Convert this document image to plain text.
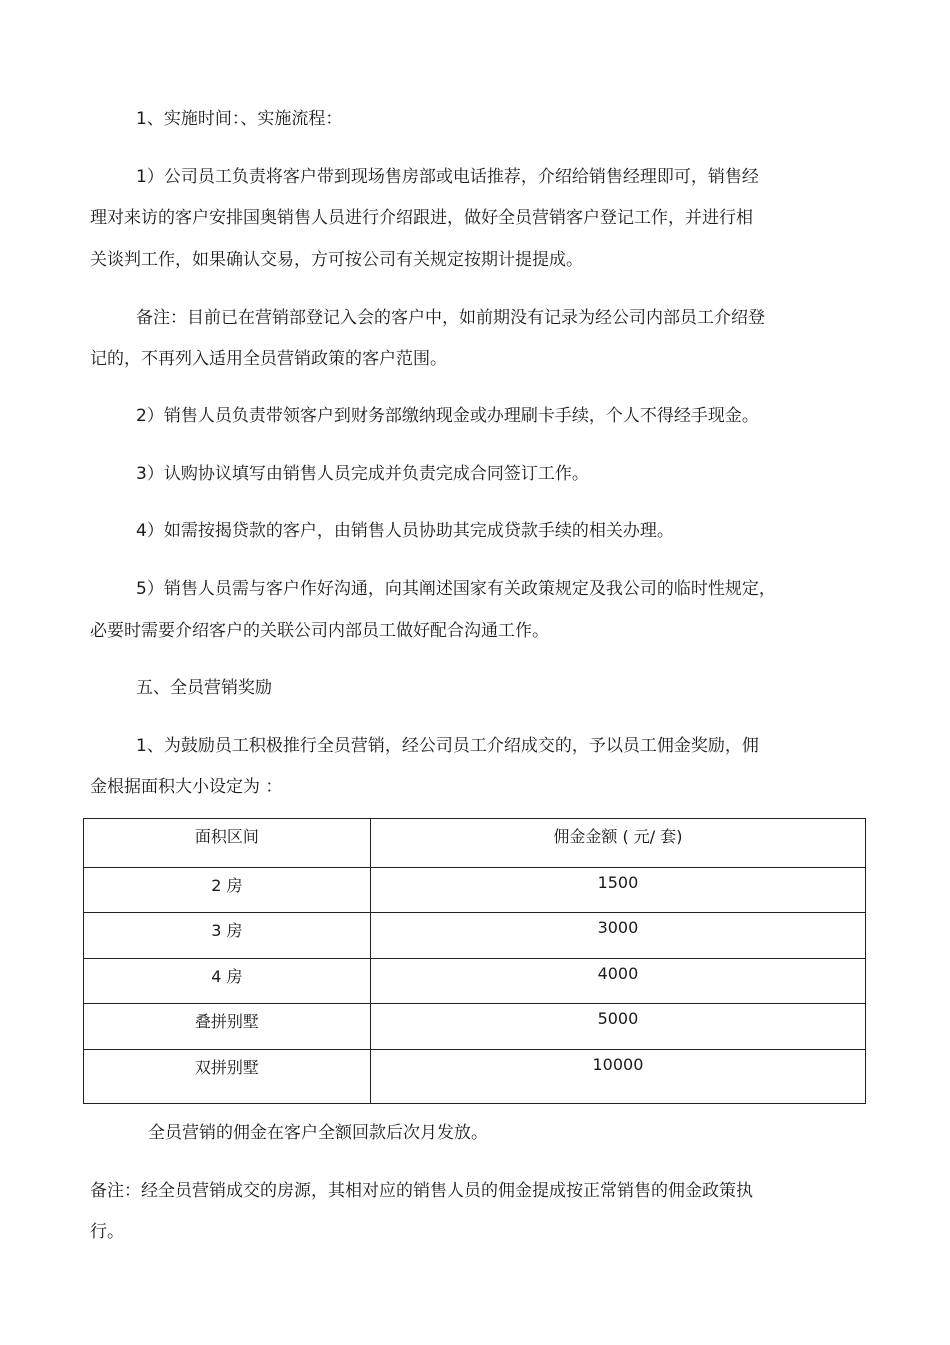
1、实施时间：、实施流程：

1）公司员工负责将客户带到现场售房部或电话推荐，介绍给销售经理即可，销售经

理对来访的客户安排国奥销售人员进行介绍跟进，做好全员营销客户登记工作，并进行相

关谈判工作，如果确认交易，方可按公司有关规定按期计提提成。

备注：目前已在营销部登记入会的客户中，如前期没有记录为经公司内部员工介绍登

记的，不再列入适用全员营销政策的客户范围。

2）销售人员负责带领客户到财务部缴纳现金或办理刷卡手续，个人不得经手现金。

3）认购协议填写由销售人员完成并负责完成合同签订工作。

4）如需按揭贷款的客户，由销售人员协助其完成贷款手续的相关办理。

5）销售人员需与客户作好沟通，向其阐述国家有关政策规定及我公司的临时性规定，

必要时需要介绍客户的关联公司内部员工做好配合沟通工作。

五、全员营销奖励

1、为鼓励员工积极推行全员营销，经公司员工介绍成交的，予以员工佣金奖励，佣

金根据面积大小设定为 ：

面积区间	佣金金额 ( 元/ 套)
2 房	1500
3 房	3000
4 房	4000
叠拼别墅	5000
双拼别墅	10000

全员营销的佣金在客户全额回款后次月发放。

备注：经全员营销成交的房源，其相对应的销售人员的佣金提成按正常销售的佣金政策执

行。
